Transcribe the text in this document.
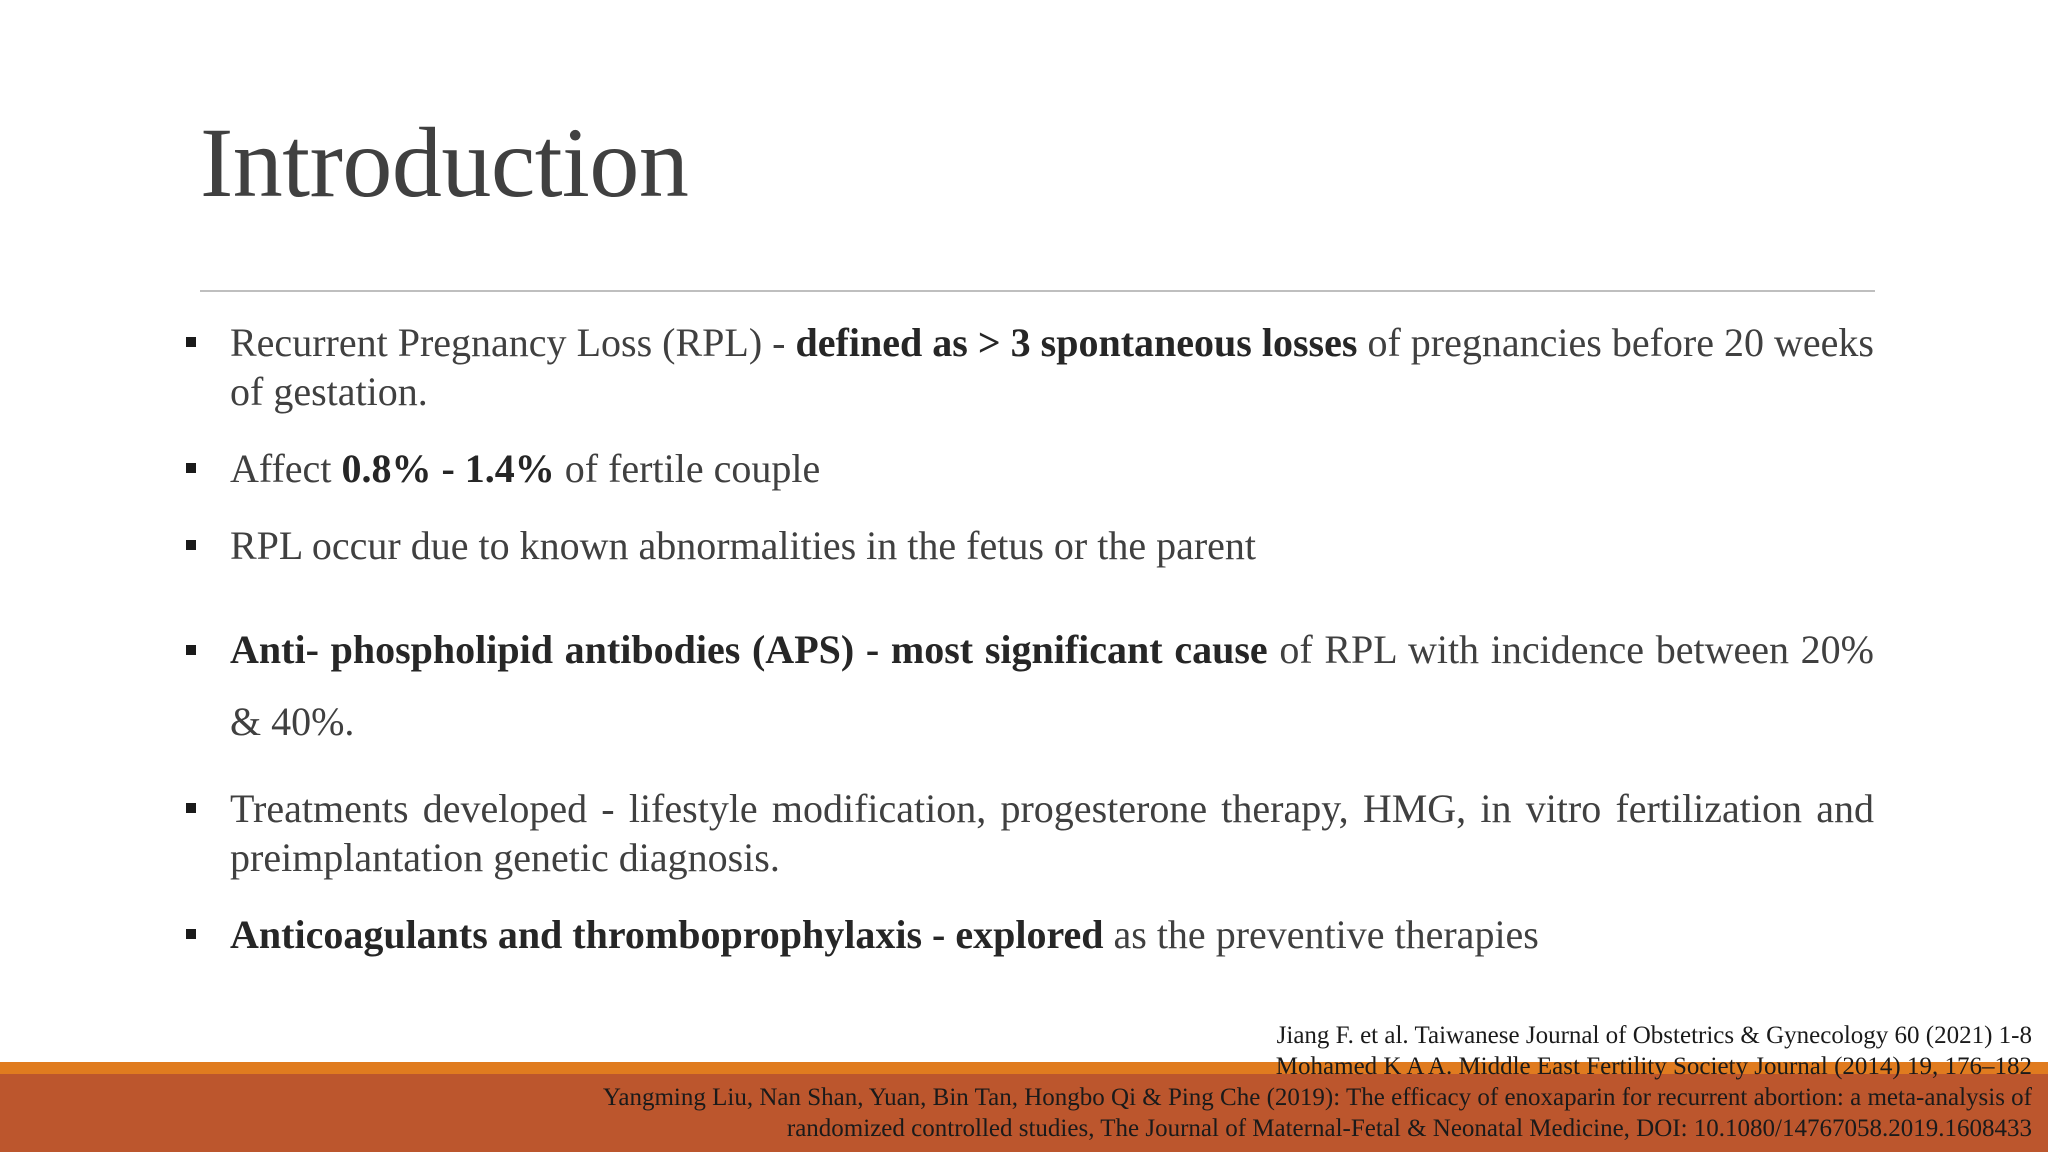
Introduction
Recurrent Pregnancy Loss (RPL) - defined as > 3 spontaneous losses of pregnancies before 20 weeks of gestation.
Affect 0.8% - 1.4% of fertile couple
RPL occur due to known abnormalities in the fetus or the parent
Anti- phospholipid antibodies (APS) - most significant cause of RPL with incidence between 20% & 40%.
Treatments developed - lifestyle modification, progesterone therapy, HMG, in vitro fertilization and preimplantation genetic diagnosis.
Anticoagulants and thromboprophylaxis - explored as the preventive therapies
Jiang F. et al. Taiwanese Journal of Obstetrics & Gynecology 60 (2021) 1-8
Mohamed K A A. Middle East Fertility Society Journal (2014) 19, 176–182
Yangming Liu, Nan Shan, Yuan, Bin Tan, Hongbo Qi & Ping Che (2019): The efficacy of enoxaparin for recurrent abortion: a meta-analysis of
randomized controlled studies, The Journal of Maternal-Fetal & Neonatal Medicine, DOI: 10.1080/14767058.2019.1608433
